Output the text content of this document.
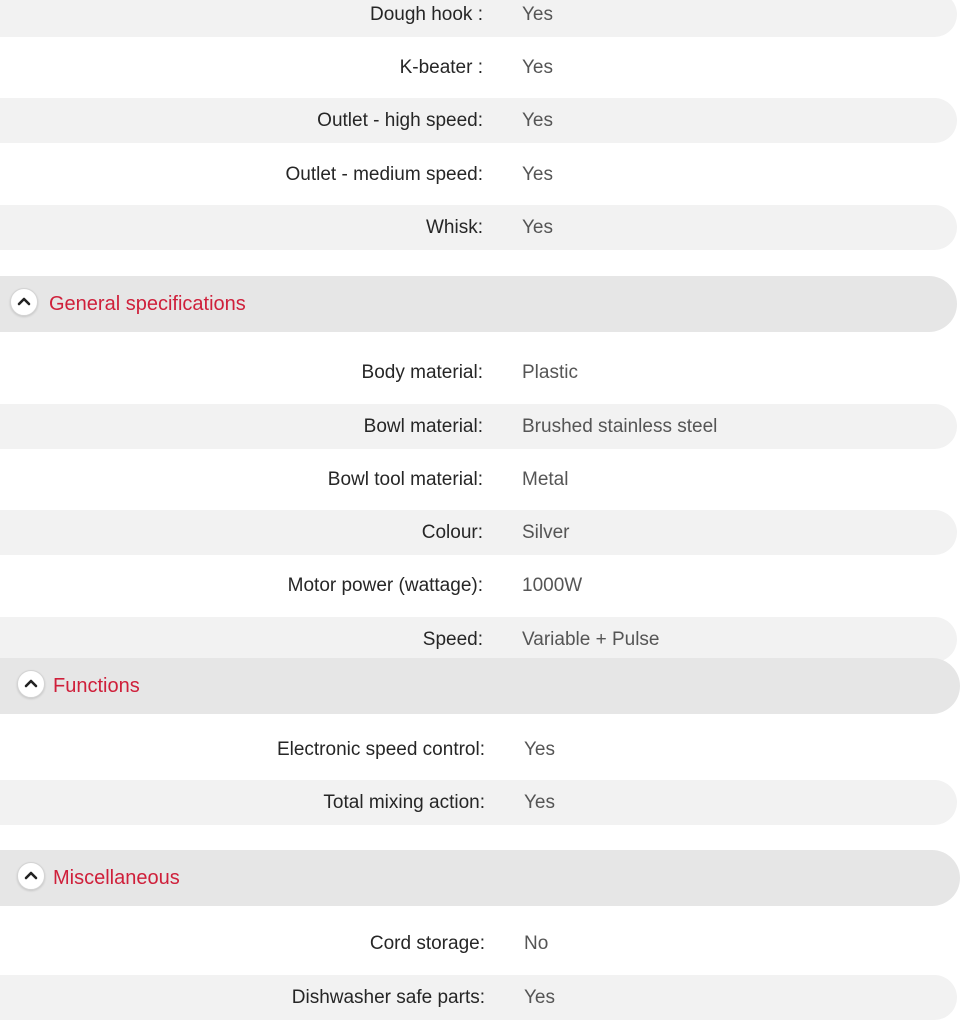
Dough hook : Yes
K-beater : Yes
Outlet - high speed: Yes
Outlet - medium speed: Yes
Whisk: Yes
General specifications
Body material: Plastic
Bowl material: Brushed stainless steel
Bowl tool material: Metal
Colour: Silver
Motor power (wattage): 1000W
Speed: Variable + Pulse
Functions
Electronic speed control: Yes
Total mixing action: Yes
Miscellaneous
Cord storage: No
Dishwasher safe parts: Yes
